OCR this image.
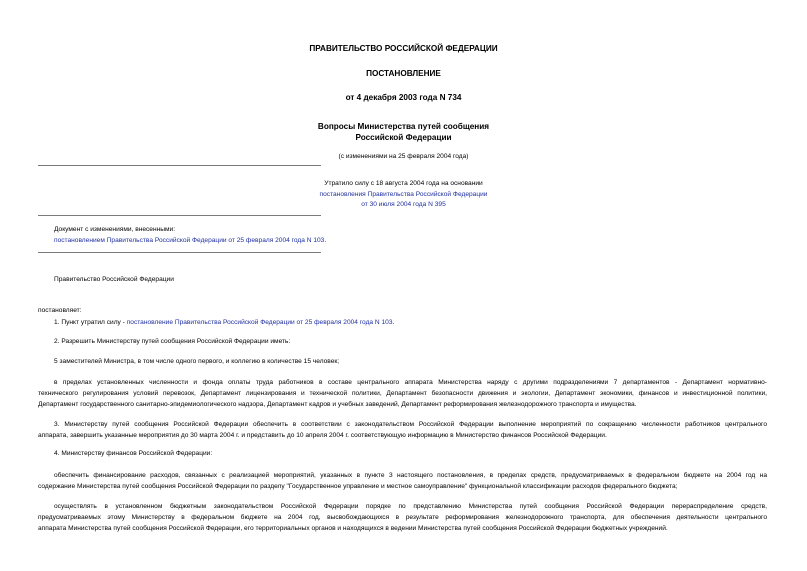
ПРАВИТЕЛЬСТВО РОССИЙСКОЙ ФЕДЕРАЦИИ
ПОСТАНОВЛЕНИЕ
от 4 декабря 2003 года N 734
Вопросы Министерства путей сообщения
Российской Федерации
(с изменениями на 25 февраля 2004 года)
Утратило силу с 18 августа 2004 года на основании
постановления Правительства Российской Федерации
от 30 июля 2004 года N 395
Документ с изменениями, внесенными:
постановлением Правительства Российской Федерации от 25 февраля 2004 года N 103.
Правительство Российской Федерации
постановляет:
1. Пункт утратил силу - постановление Правительства Российской Федерации от 25 февраля 2004 года N 103.
2. Разрешить Министерству путей сообщения Российской Федерации иметь:
5 заместителей Министра, в том числе одного первого, и коллегию в количестве 15 человек;
в пределах установленных численности и фонда оплаты труда работников в составе центрального аппарата Министерства наряду с другими подразделениями 7 департаментов - Департамент нормативно-
технического регулирования условий перевозок, Департамент лицензирования и технической политики, Департамент безопасности движения и экологии, Департамент экономики, финансов и инвестиционной политики,
Департамент государственного санитарно-эпидемиологического надзора, Департамент кадров и учебных заведений, Департамент реформирования железнодорожного транспорта и имущества.
3. Министерству путей сообщения Российской Федерации обеспечить в соответствии с законодательством Российской Федерации выполнение мероприятий по сокращению численности работников центрального
аппарата, завершить указанные мероприятия до 30 марта 2004 г. и представить до 10 апреля 2004 г. соответствующую информацию в Министерство финансов Российской Федерации.
4. Министерству финансов Российской Федерации:
обеспечить финансирование расходов, связанных с реализацией мероприятий, указанных в пункте 3 настоящего постановления, в пределах средств, предусматриваемых в федеральном бюджете на 2004 год на
содержание Министерства путей сообщения Российской Федерации по разделу "Государственное управление и местное самоуправление" функциональной классификации расходов федерального бюджета;
осуществлять в установленном бюджетным законодательством Российской Федерации порядке по представлению Министерства путей сообщения Российской Федерации перераспределение средств,
предусматриваемых этому Министерству в федеральном бюджете на 2004 год, высвобождающихся в результате реформирования железнодорожного транспорта, для обеспечения деятельности центрального
аппарата Министерства путей сообщения Российской Федерации, его территориальных органов и находящихся в ведении Министерства путей сообщения Российской Федерации бюджетных учреждений.
